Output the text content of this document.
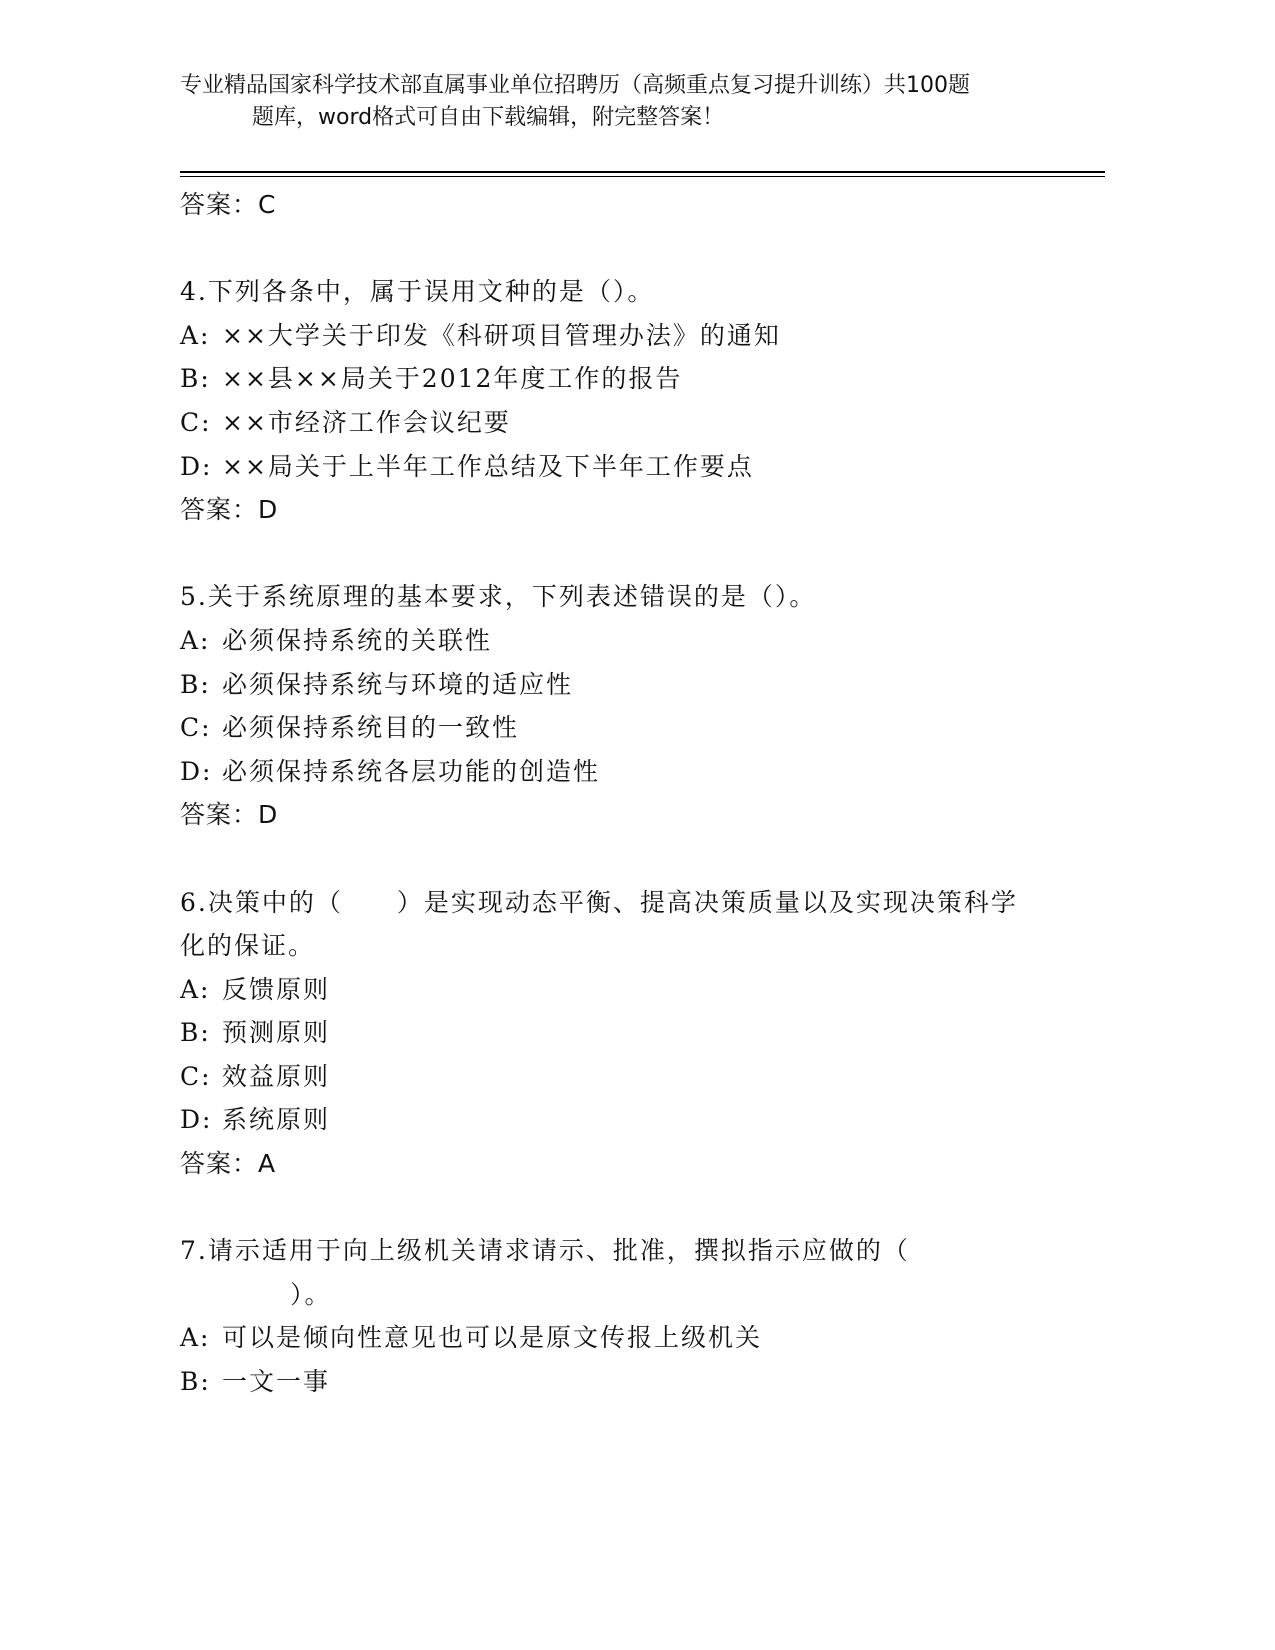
专业精品国家科学技术部直属事业单位招聘历（高频重点复习提升训练）共100题
题库，word格式可自由下载编辑，附完整答案！
答案：C
4.下列各条中，属于误用文种的是（）。
A: ××大学关于印发《科研项目管理办法》的通知
B: ××县××局关于2012年度工作的报告
C: ××市经济工作会议纪要
D: ××局关于上半年工作总结及下半年工作要点
答案：D
5.关于系统原理的基本要求，下列表述错误的是（）。
A: 必须保持系统的关联性
B: 必须保持系统与环境的适应性
C: 必须保持系统目的一致性
D: 必须保持系统各层功能的创造性
答案：D
6.决策中的（　　）是实现动态平衡、提高决策质量以及实现决策科学化的保证。
A: 反馈原则
B: 预测原则
C: 效益原则
D: 系统原则
答案：A
7.请示适用于向上级机关请求请示、批准，撰拟指示应做的（
）。
A: 可以是倾向性意见也可以是原文传报上级机关
B: 一文一事
